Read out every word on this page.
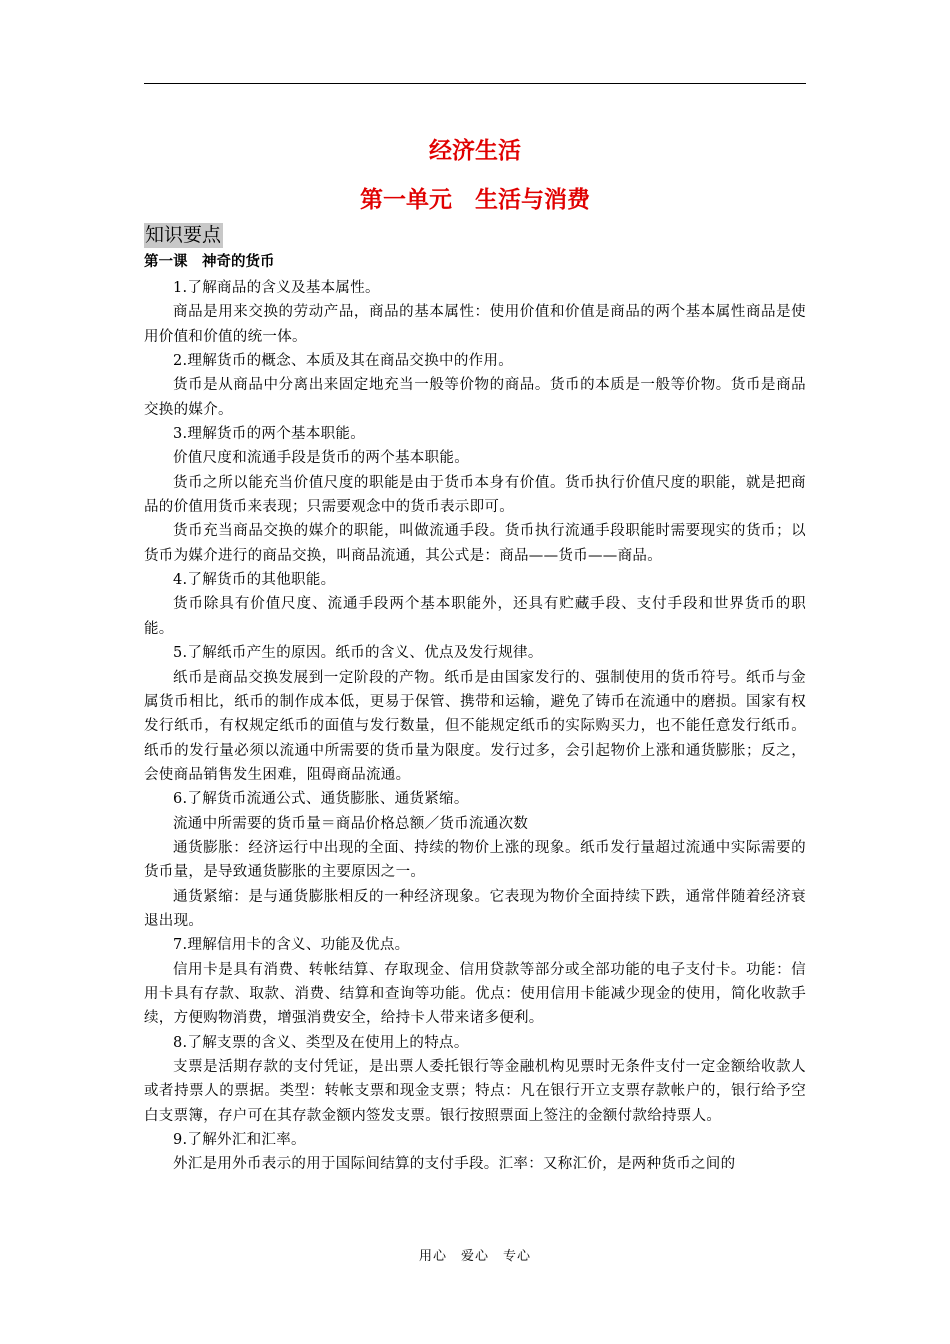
经济生活
第一单元　生活与消费
知识要点
第一课　神奇的货币

1.了解商品的含义及基本属性。

商品是用来交换的劳动产品，商品的基本属性：使用价值和价值是商品的两个基本属性商品是使用价值和价值的统一体。

2.理解货币的概念、本质及其在商品交换中的作用。

货币是从商品中分离出来固定地充当一般等价物的商品。货币的本质是一般等价物。货币是商品交换的媒介。

3.理解货币的两个基本职能。

价值尺度和流通手段是货币的两个基本职能。

货币之所以能充当价值尺度的职能是由于货币本身有价值。货币执行价值尺度的职能，就是把商品的价值用货币来表现；只需要观念中的货币表示即可。

货币充当商品交换的媒介的职能，叫做流通手段。货币执行流通手段职能时需要现实的货币；以货币为媒介进行的商品交换，叫商品流通，其公式是：商品——货币——商品。

4.了解货币的其他职能。

货币除具有价值尺度、流通手段两个基本职能外，还具有贮藏手段、支付手段和世界货币的职能。

5.了解纸币产生的原因。纸币的含义、优点及发行规律。

纸币是商品交换发展到一定阶段的产物。纸币是由国家发行的、强制使用的货币符号。纸币与金属货币相比，纸币的制作成本低，更易于保管、携带和运输，避免了铸币在流通中的磨损。国家有权发行纸币，有权规定纸币的面值与发行数量，但不能规定纸币的实际购买力，也不能任意发行纸币。纸币的发行量必须以流通中所需要的货币量为限度。发行过多，会引起物价上涨和通货膨胀；反之，会使商品销售发生困难，阻碍商品流通。

6.了解货币流通公式、通货膨胀、通货紧缩。

流通中所需要的货币量＝商品价格总额／货币流通次数

通货膨胀：经济运行中出现的全面、持续的物价上涨的现象。纸币发行量超过流通中实际需要的货币量，是导致通货膨胀的主要原因之一。

通货紧缩：是与通货膨胀相反的一种经济现象。它表现为物价全面持续下跌，通常伴随着经济衰退出现。

7.理解信用卡的含义、功能及优点。

信用卡是具有消费、转帐结算、存取现金、信用贷款等部分或全部功能的电子支付卡。功能：信用卡具有存款、取款、消费、结算和查询等功能。优点：使用信用卡能减少现金的使用，简化收款手续，方便购物消费，增强消费安全，给持卡人带来诸多便利。

8.了解支票的含义、类型及在使用上的特点。

支票是活期存款的支付凭证，是出票人委托银行等金融机构见票时无条件支付一定金额给收款人或者持票人的票据。类型：转帐支票和现金支票；特点：凡在银行开立支票存款帐户的，银行给予空白支票簿，存户可在其存款金额内签发支票。银行按照票面上签注的金额付款给持票人。

9.了解外汇和汇率。

外汇是用外币表示的用于国际间结算的支付手段。汇率：又称汇价，是两种货币之间的

用心　爱心　专心
